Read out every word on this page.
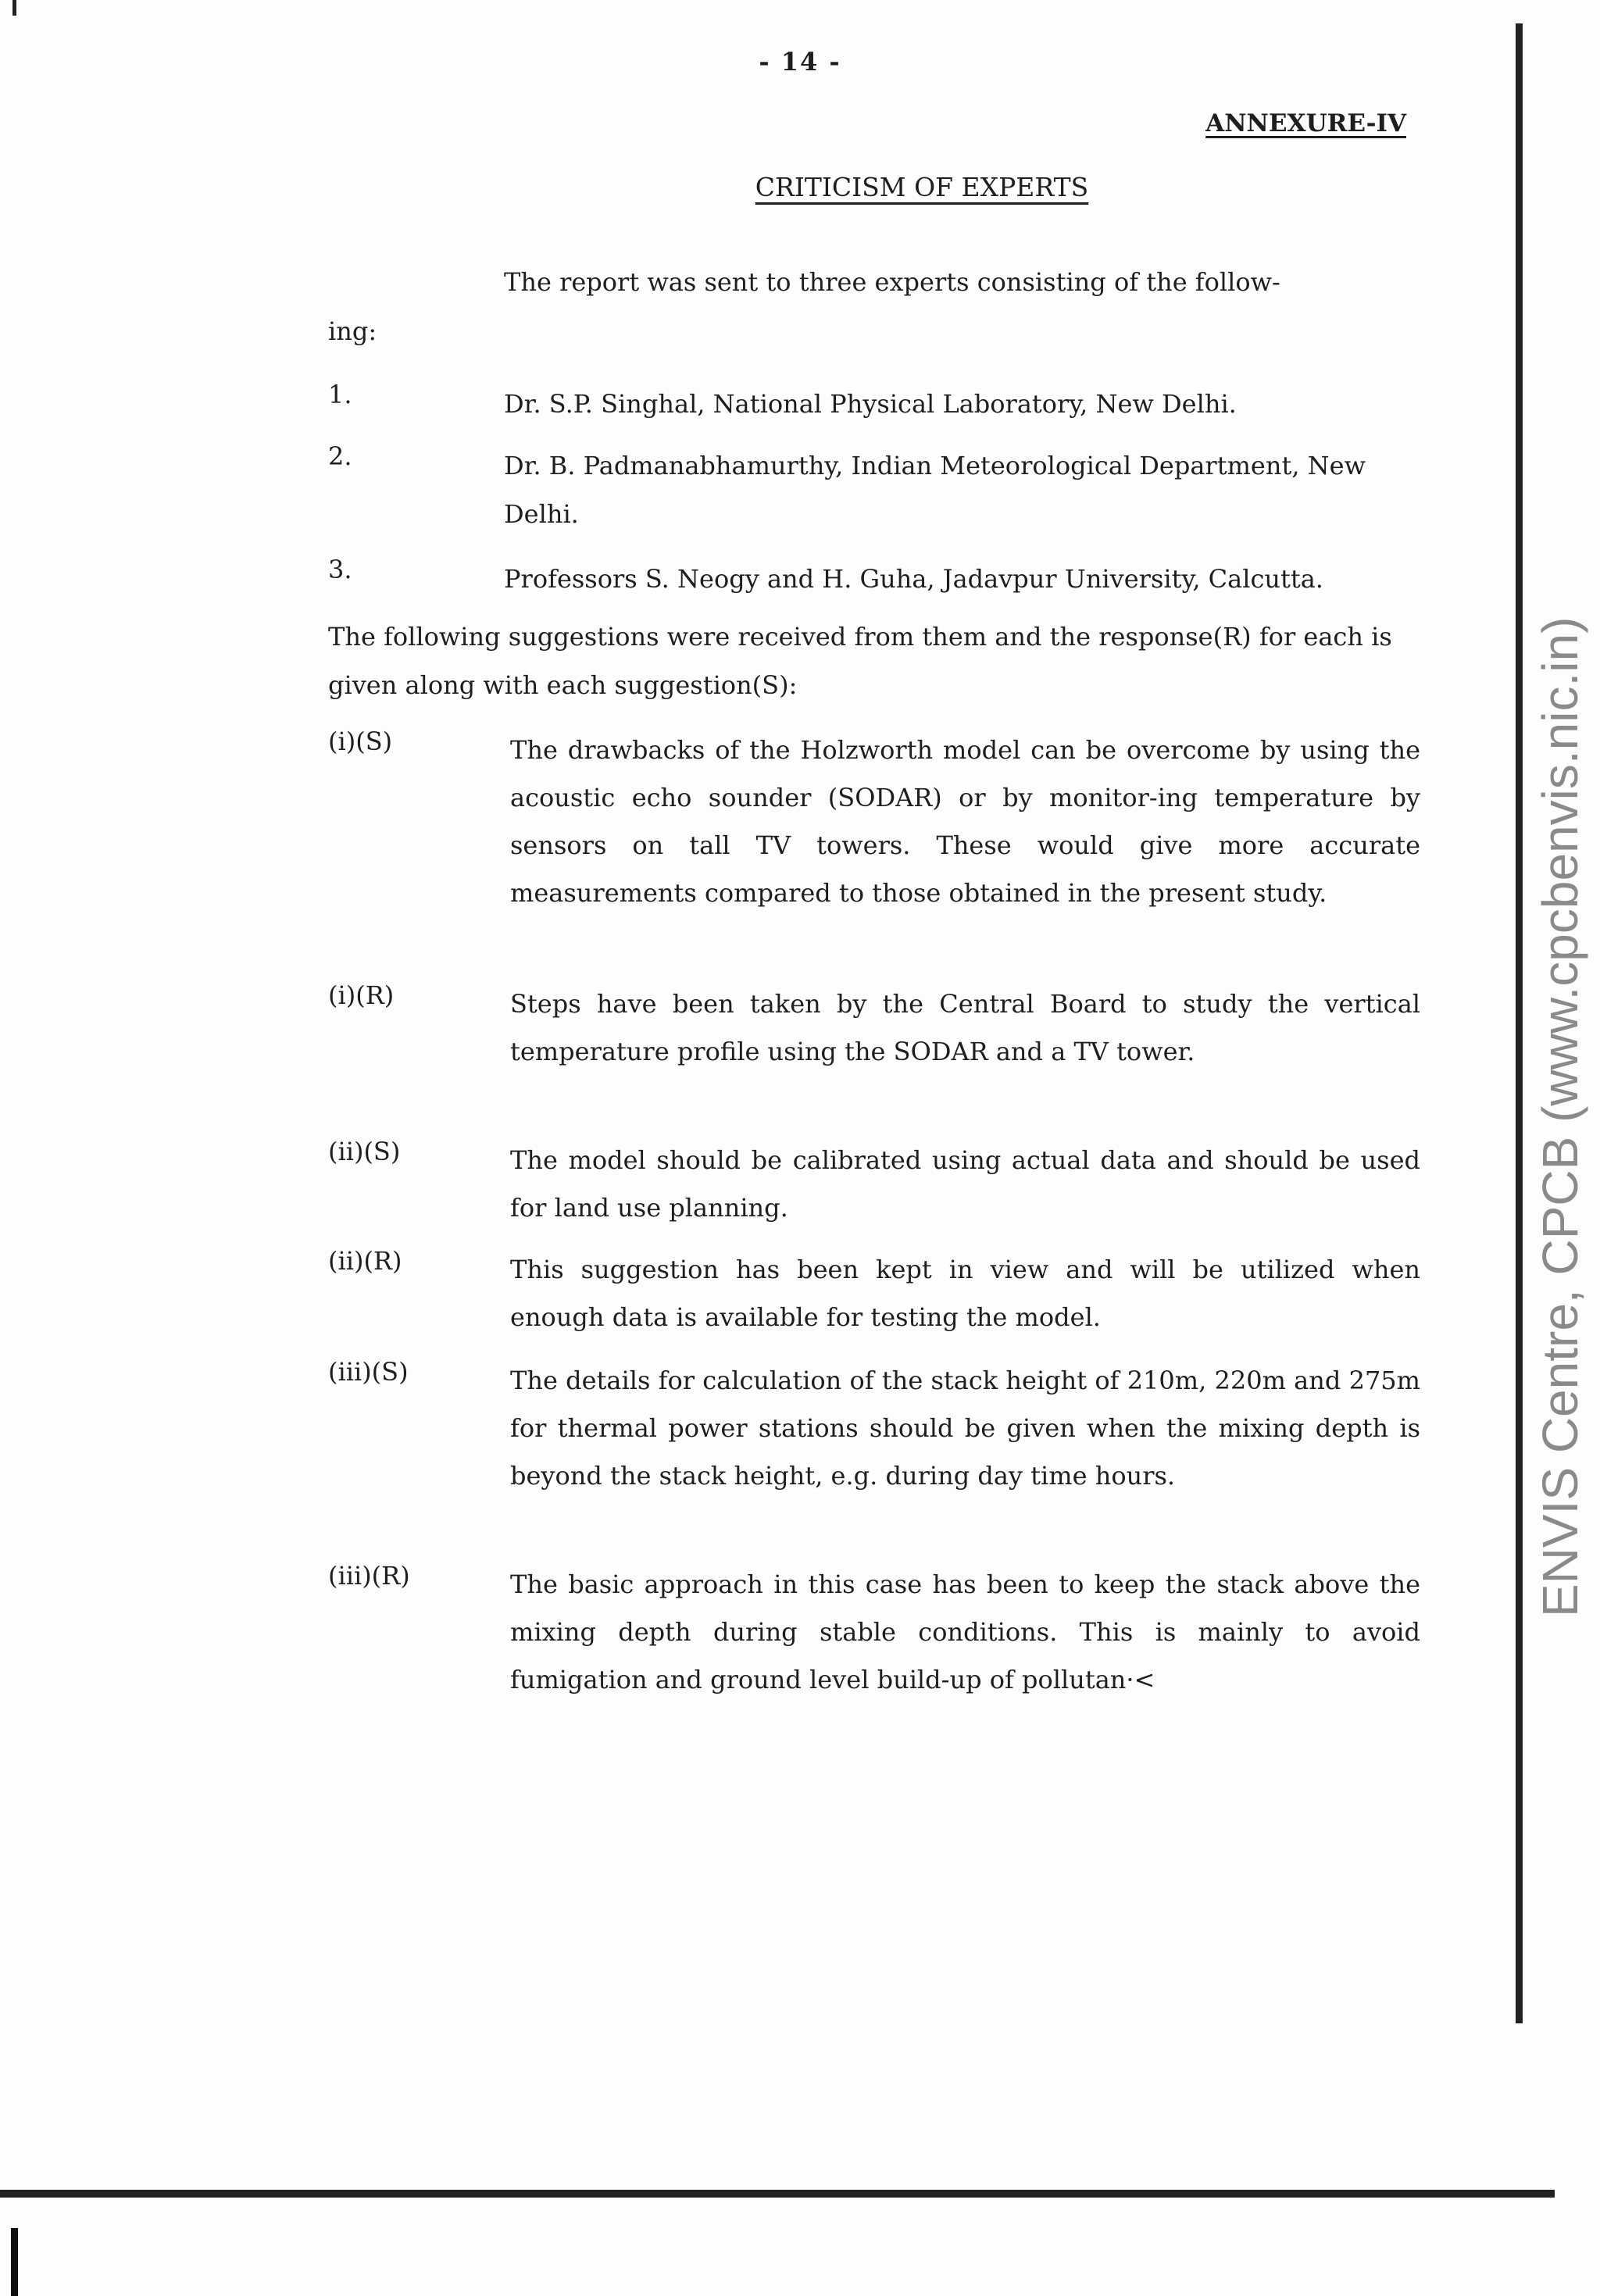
- 14 -
ANNEXURE-IV
CRITICISM OF EXPERTS
The report was sent to three experts consisting of the follow-
ing:
1.	Dr. S.P. Singhal, National Physical Laboratory, New Delhi.
2.	Dr. B. Padmanabhamurthy, Indian Meteorological Department, New Delhi.
3.	Professors S. Neogy and H. Guha, Jadavpur University, Calcutta.
The following suggestions were received from them and the response(R) for each is given along with each suggestion(S):
(i)(S)	The drawbacks of the Holzworth model can be overcome by using the acoustic echo sounder (SODAR) or by monitor-ing temperature by sensors on tall TV towers. These would give more accurate measurements compared to those obtained in the present study.
(i)(R)	Steps have been taken by the Central Board to study the vertical temperature profile using the SODAR and a TV tower.
(ii)(S)	The model should be calibrated using actual data and should be used for land use planning.
(ii)(R)	This suggestion has been kept in view and will be utilized when enough data is available for testing the model.
(iii)(S)	The details for calculation of the stack height of 210m, 220m and 275m for thermal power stations should be given when the mixing depth is beyond the stack height, e.g. during day time hours.
(iii)(R)	The basic approach in this case has been to keep the stack above the mixing depth during stable conditions. This is mainly to avoid fumigation and ground level build-up of pollutan·<
ENVIS Centre, CPCB (www.cpcbenvis.nic.in)
